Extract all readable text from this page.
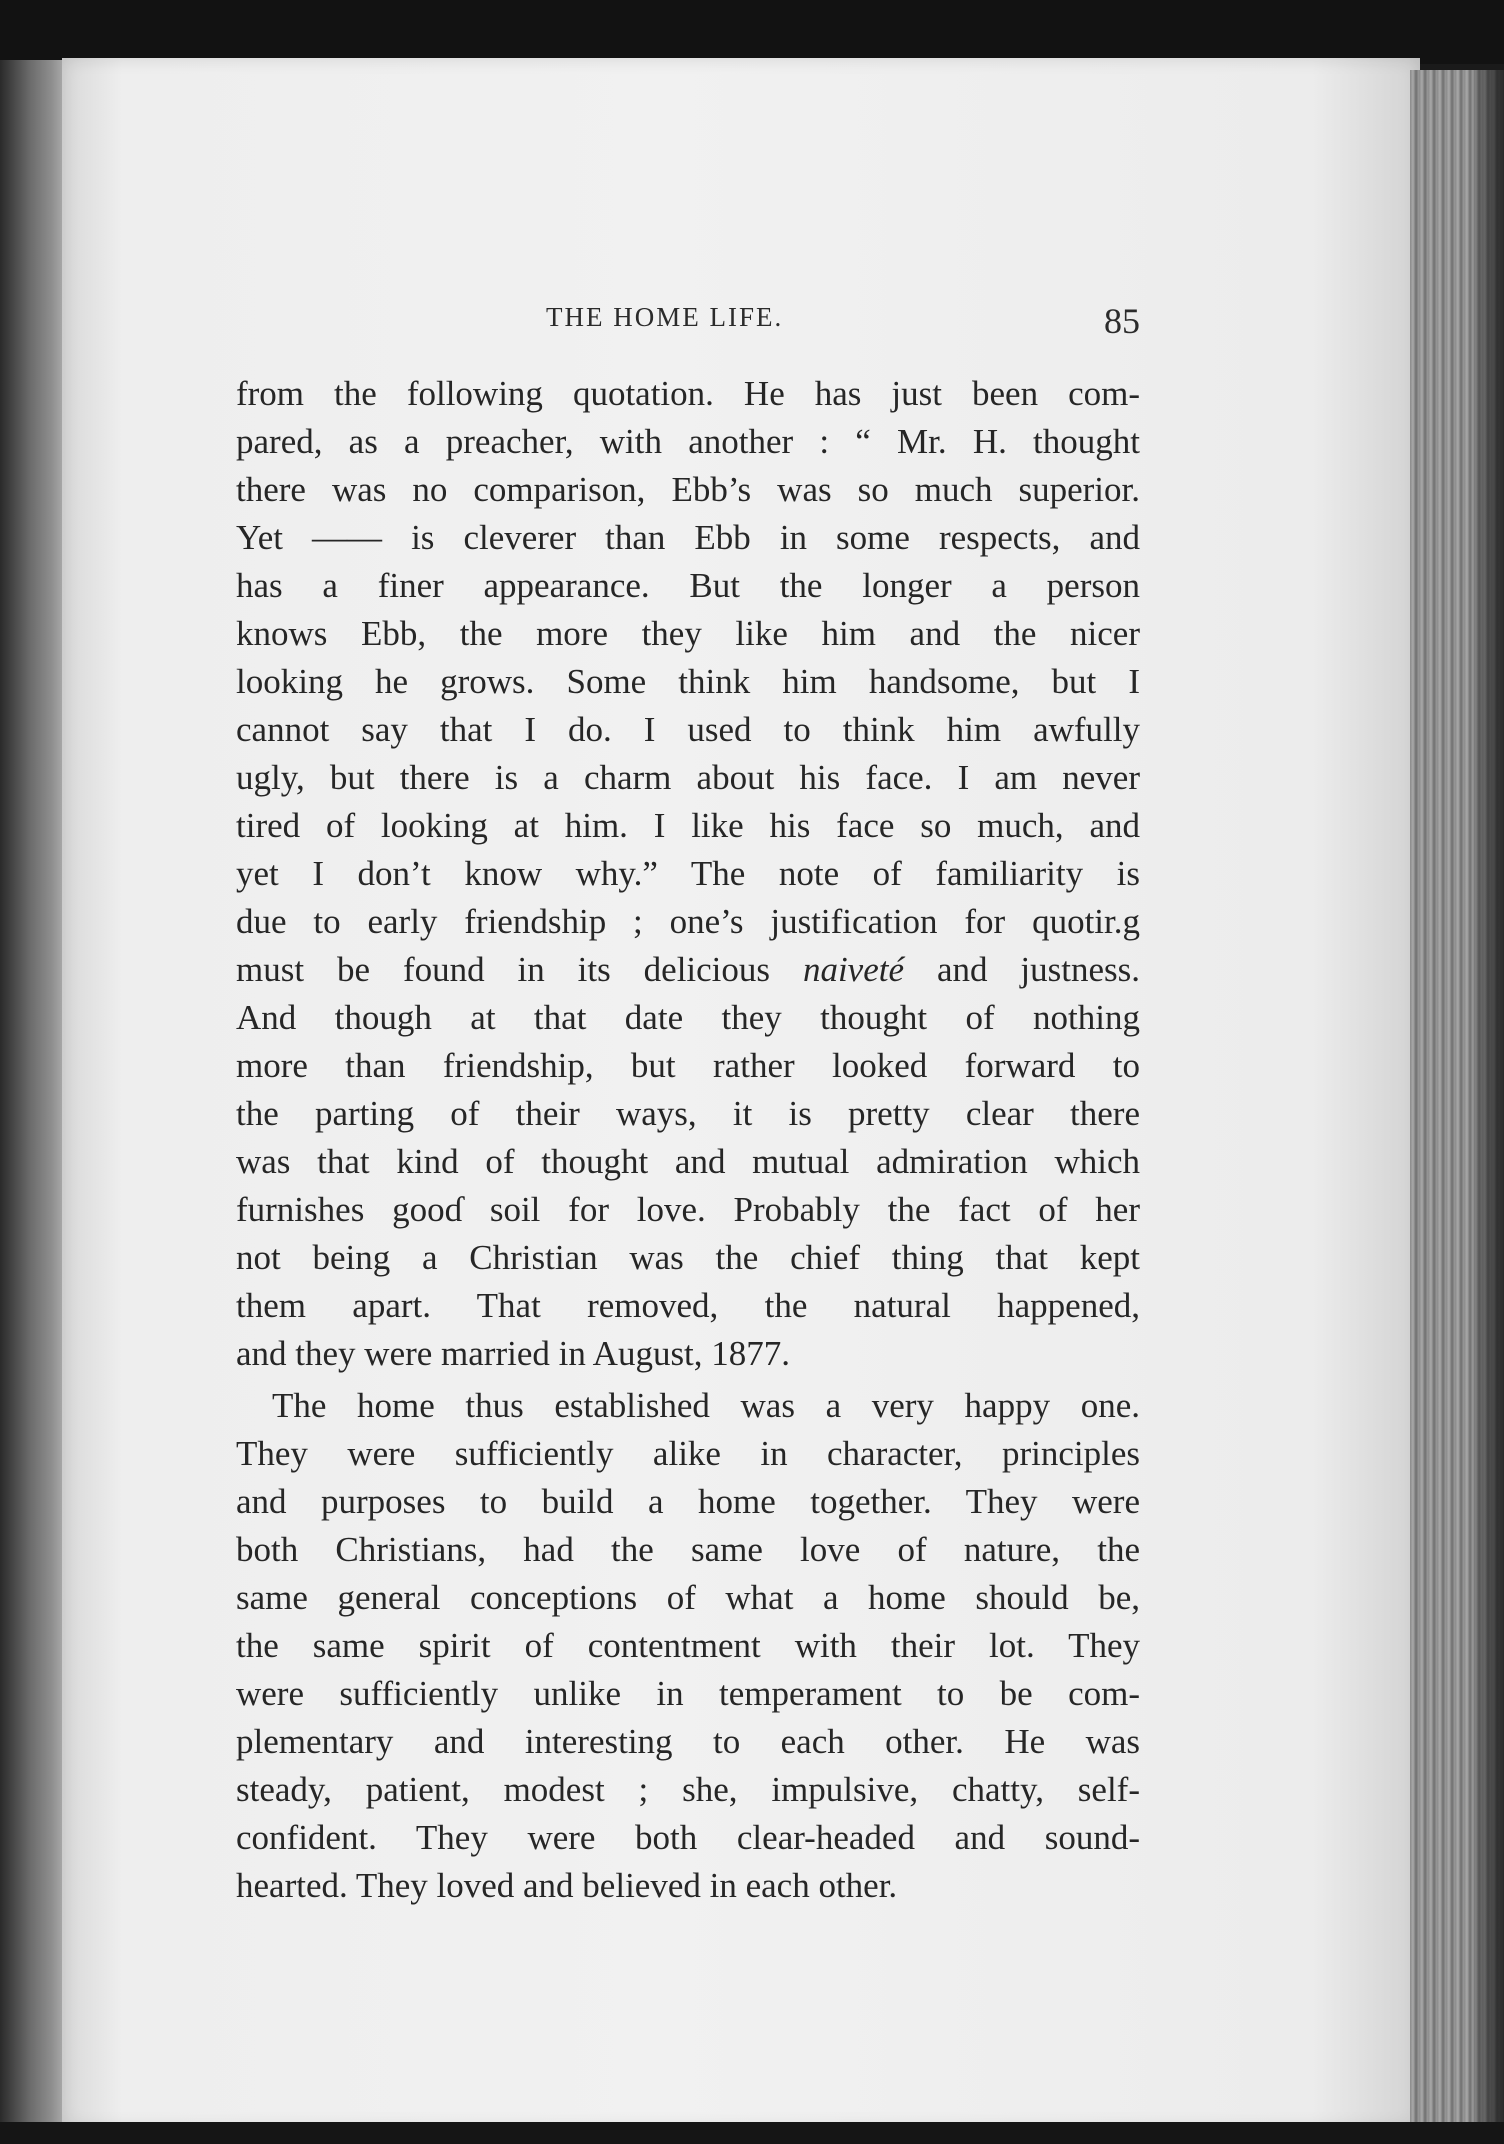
THE HOME LIFE.	85
from the following quotation. He has just been com-
pared, as a preacher, with another : “ Mr. H. thought
there was no comparison, Ebb’s was so much superior.
Yet —— is cleverer than Ebb in some respects, and
has a finer appearance. But the longer a person
knows Ebb, the more they like him and the nicer
looking he grows. Some think him handsome, but I
cannot say that I do. I used to think him awfully
ugly, but there is a charm about his face. I am never
tired of looking at him. I like his face so much, and
yet I don’t know why.” The note of familiarity is
due to early friendship ; one’s justification for quotir.g
must be found in its delicious naiveté and justness.
And though at that date they thought of nothing
more than friendship, but rather looked forward to
the parting of their ways, it is pretty clear there
was that kind of thought and mutual admiration which
furnishes gooɗ soil for love. Probably the fact of her
not being a Christian was the chief thing that kept
them apart. That removed, the natural happened,
and they were married in August, 1877.
The home thus established was a very happy one.
They were sufficiently alike in character, principles
and purposes to build a home together. They were
both Christians, had the same love of nature, the
same general conceptions of what a home should be,
the same spirit of contentment with their lot. They
were sufficiently unlike in temperament to be com-
plementary and interesting to each other. He was
steady, patient, modest ; she, impulsive, chatty, self-
confident. They were both clear-headed and sound-
hearted. They loved and believed in each other.
